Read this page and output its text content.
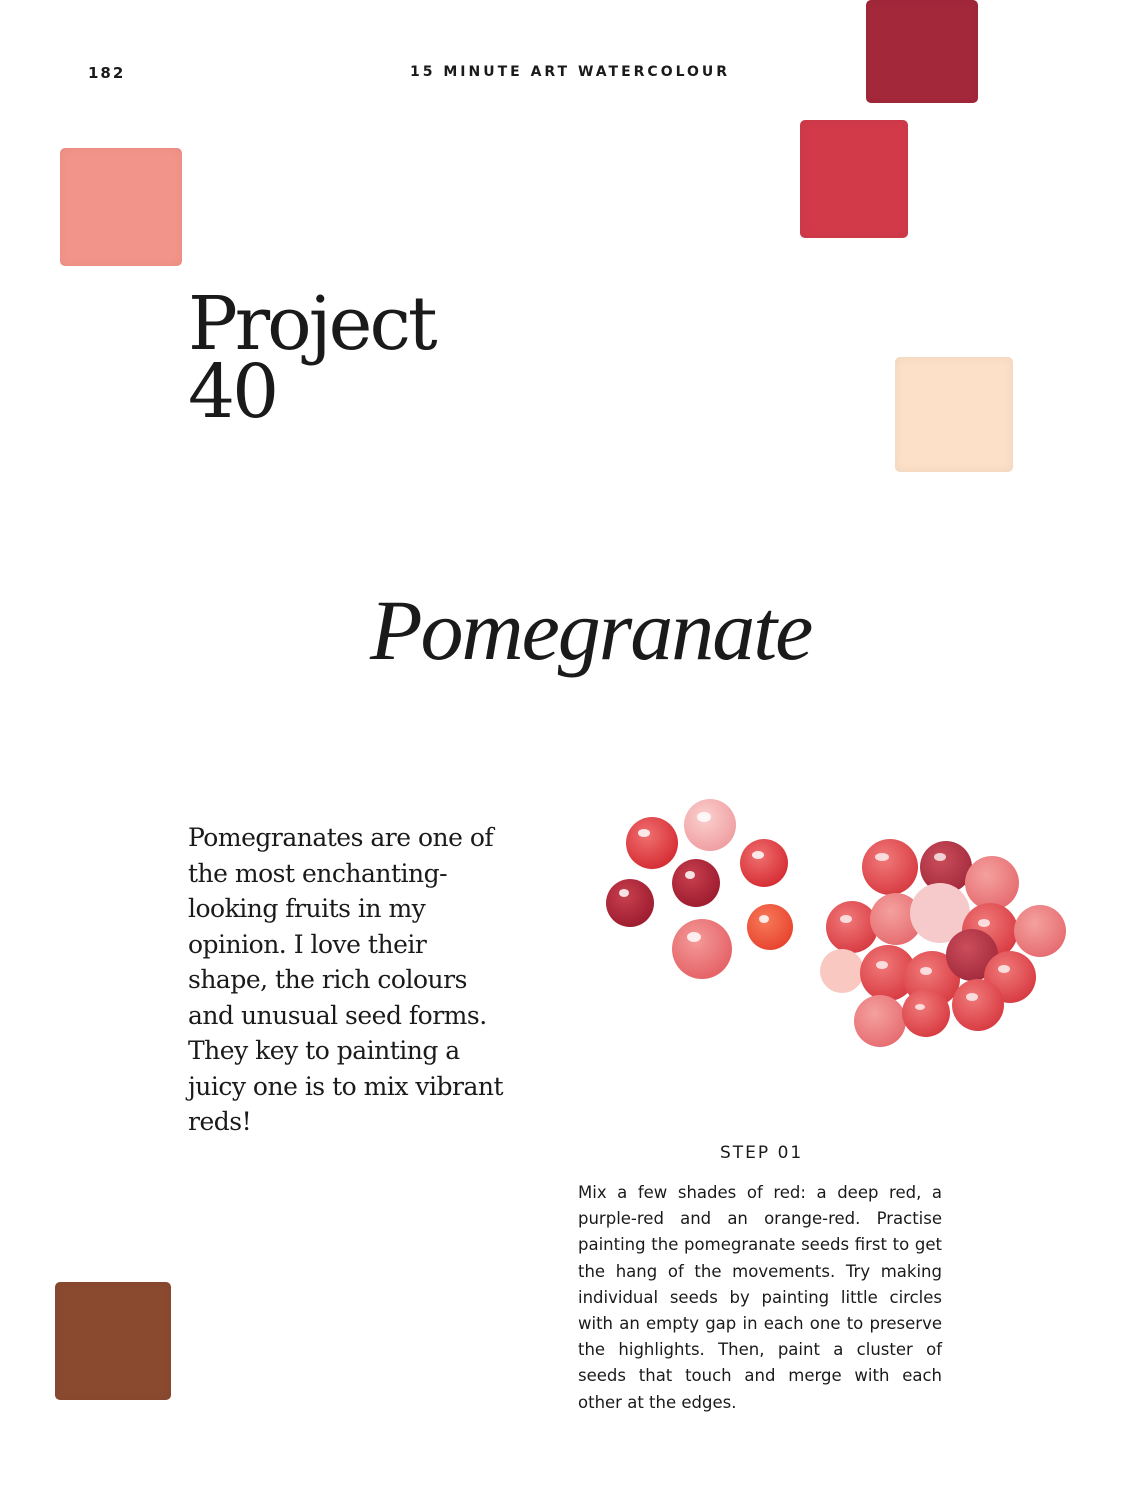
182	15 MINUTE ART WATERCOLOUR
Project
40
Pomegranate

Pomegranates are one of the most enchanting-looking fruits in my opinion. I love their shape, the rich colours and unusual seed forms. They key to painting a juicy one is to mix vibrant reds!

STEP 01

Mix a few shades of red: a deep red, a purple-red and an orange-red. Practise painting the pomegranate seeds first to get the hang of the movements. Try making individual seeds by painting little circles with an empty gap in each one to preserve the highlights. Then, paint a cluster of seeds that touch and merge with each other at the edges.
